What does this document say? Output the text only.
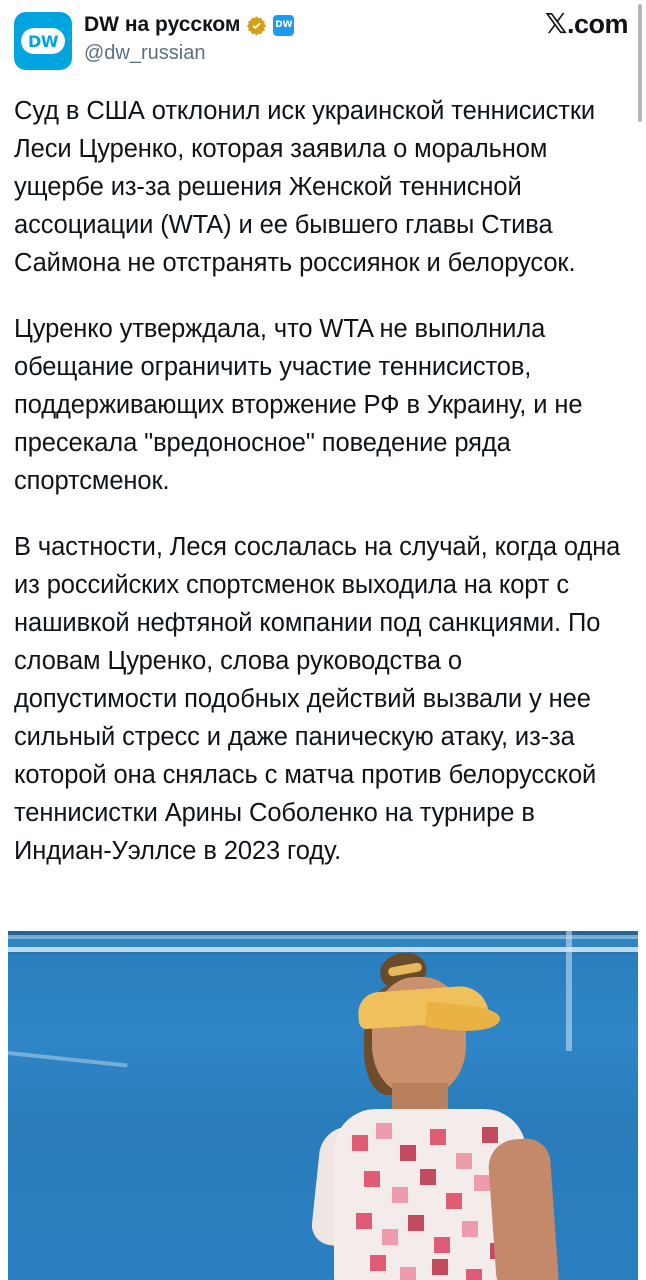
DW
DW на русском	DW
@dw_russian
𝕏 .com

Суд в США отклонил иск украинской теннисистки Леси Цуренко, которая заявила о моральном ущербе из-за решения Женской теннисной ассоциации (WTA) и ее бывшего главы Стива Саймона не отстранять россиянок и белорусок.

Цуренко утверждала, что WTA не выполнила обещание ограничить участие теннисистов, поддерживающих вторжение РФ в Украину, и не пресекала "вредоносное" поведение ряда спортсменок.

В частности, Леся сослалась на случай, когда одна из российских спортсменок выходила на корт с нашивкой нефтяной компании под санкциями. По словам Цуренко, слова руководства о допустимости подобных действий вызвали у нее сильный стресс и даже паническую атаку, из-за которой она снялась с матча против белорусской теннисистки Арины Соболенко на турнире в Индиан-Уэллсе в 2023 году.
